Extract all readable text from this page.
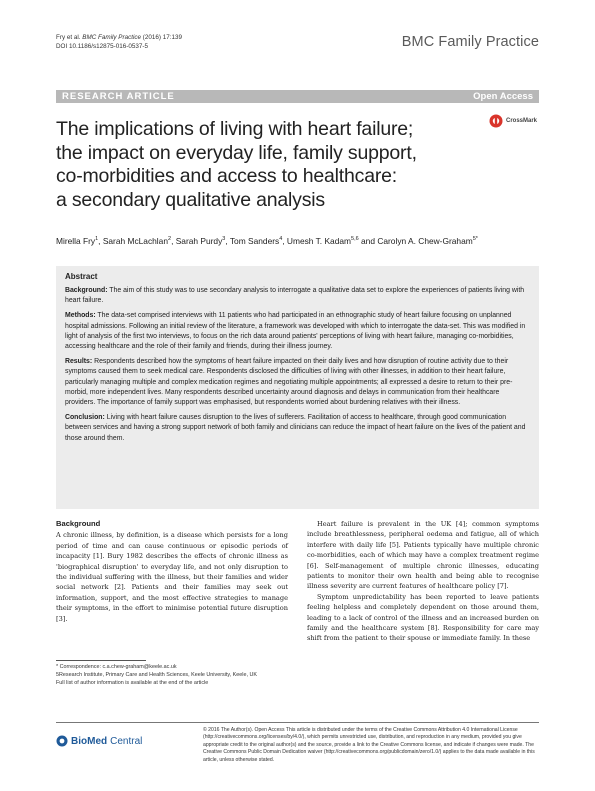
Fry et al. BMC Family Practice (2016) 17:139
DOI 10.1186/s12875-016-0537-5	BMC Family Practice
RESEARCH ARTICLE	Open Access
The implications of living with heart failure;
the impact on everyday life, family support,
co-morbidities and access to healthcare:
a secondary qualitative analysis
CrossMark
Mirella Fry$^1$, Sarah McLachlan$^2$, Sarah Purdy$^3$, Tom Sanders$^4$, Umesh T. Kadam$^{5,6}$ and Carolyn A. Chew-Graham$^{5*}$
Abstract

Background: The aim of this study was to use secondary analysis to interrogate a qualitative data set to explore the experiences of patients living with heart failure.

Methods: The data-set comprised interviews with 11 patients who had participated in an ethnographic study of heart failure focusing on unplanned hospital admissions. Following an initial review of the literature, a framework was developed with which to interrogate the data-set. This was modified in light of analysis of the first two interviews, to focus on the rich data around patients' perceptions of living with heart failure, managing co-morbidities, accessing healthcare and the role of their family and friends, during their illness journey.

Results: Respondents described how the symptoms of heart failure impacted on their daily lives and how disruption of routine activity due to their symptoms caused them to seek medical care. Respondents disclosed the difficulties of living with other illnesses, in addition to their heart failure, particularly managing multiple and complex medication regimes and negotiating multiple appointments; all expressed a desire to return to their pre-morbid, more independent lives. Many respondents described uncertainty around diagnosis and delays in communication from their healthcare providers. The importance of family support was emphasised, but respondents worried about burdening relatives with their illness.

Conclusion: Living with heart failure causes disruption to the lives of sufferers. Facilitation of access to healthcare, through good communication between services and having a strong support network of both family and clinicians can reduce the impact of heart failure on the lives of the patient and those around them.

Background

A chronic illness, by definition, is a disease which persists for a long period of time and can cause continuous or episodic periods of incapacity [1]. Bury 1982 describes the effects of chronic illness as 'biographical disruption' to everyday life, and not only disruption to the individual suffering with the illness, but their families and wider social network [2]. Patients and their families may seek out information, support, and the most effective strategies to manage their symptoms, in the effort to minimise potential future disruption [3].

Heart failure is prevalent in the UK [4]; common symptoms include breathlessness, peripheral oedema and fatigue, all of which interfere with daily life [5]. Patients typically have multiple chronic co-morbidities, each of which may have a complex treatment regime [6]. Self-management of multiple chronic illnesses, educating patients to monitor their own health and being able to recognise illness severity are current features of healthcare policy [7].

Symptom unpredictability has been reported to leave patients feeling helpless and completely dependent on those around them, leading to a lack of control of the illness and an increased burden on family and the healthcare system [8]. Responsibility for care may shift from the patient to their spouse or immediate family. In these

* Correspondence: c.a.chew-graham@keele.ac.uk
5Research Institute, Primary Care and Health Sciences, Keele University, Keele, UK
Full list of author information is available at the end of the article
BioMed Central
© 2016 The Author(s). Open Access This article is distributed under the terms of the Creative Commons Attribution 4.0 International License (http://creativecommons.org/licenses/by/4.0/), which permits unrestricted use, distribution, and reproduction in any medium, provided you give appropriate credit to the original author(s) and the source, provide a link to the Creative Commons license, and indicate if changes were made. The Creative Commons Public Domain Dedication waiver (http://creativecommons.org/publicdomain/zero/1.0/) applies to the data made available in this article, unless otherwise stated.
